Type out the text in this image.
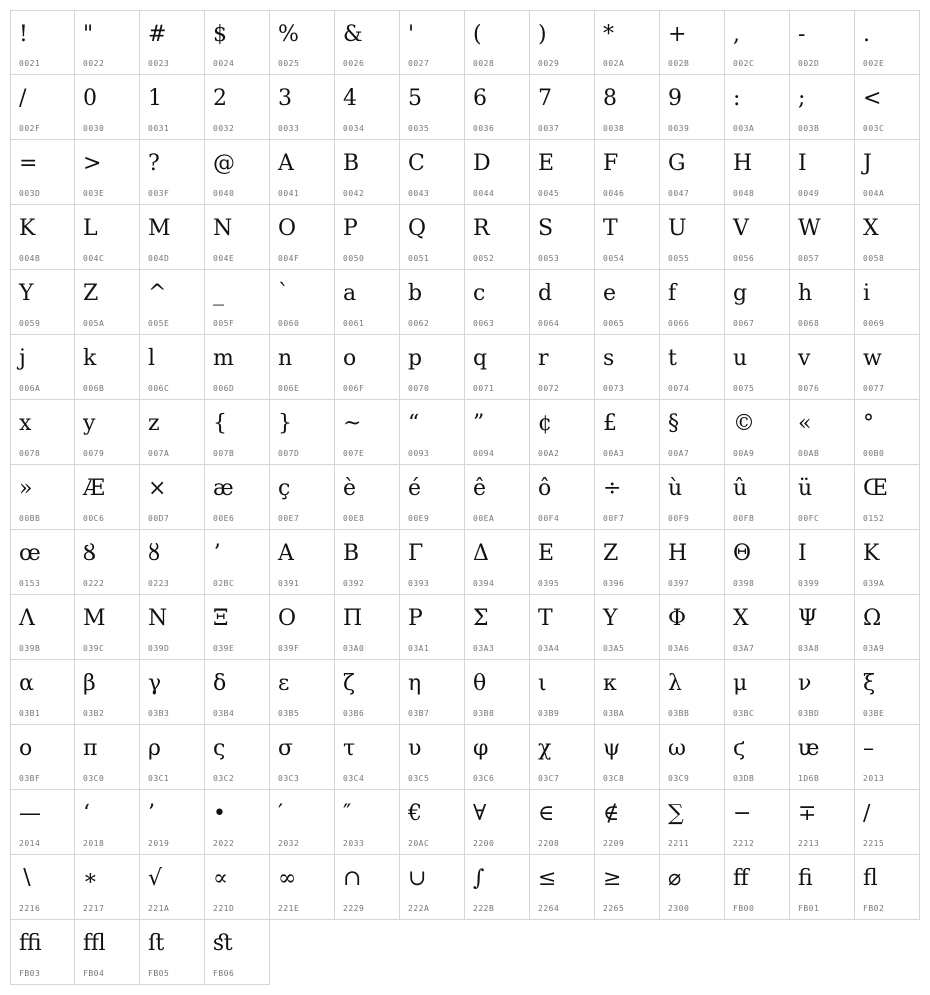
!
0021
"
0022
#
0023
$
0024
%
0025
&
0026
'
0027
(
0028
)
0029
*
002A
+
002B
,
002C
-
002D
.
002E
/
002F
0
0030
1
0031
2
0032
3
0033
4
0034
5
0035
6
0036
7
0037
8
0038
9
0039
:
003A
;
003B
<
003C
=
003D
>
003E
?
003F
@
0040
A
0041
B
0042
C
0043
D
0044
E
0045
F
0046
G
0047
H
0048
I
0049
J
004A
K
004B
L
004C
M
004D
N
004E
O
004F
P
0050
Q
0051
R
0052
S
0053
T
0054
U
0055
V
0056
W
0057
X
0058
Y
0059
Z
005A
^
005E
_
005F
`
0060
a
0061
b
0062
c
0063
d
0064
e
0065
f
0066
g
0067
h
0068
i
0069
j
006A
k
006B
l
006C
m
006D
n
006E
o
006F
p
0070
q
0071
r
0072
s
0073
t
0074
u
0075
v
0076
w
0077
x
0078
y
0079
z
007A
{
007B
}
007D
~
007E
“
0093
”
0094
¢
00A2
£
00A3
§
00A7
©
00A9
«
00AB
°
00B0
»
00BB
Æ
00C6
×
00D7
æ
00E6
ç
00E7
è
00E8
é
00E9
ê
00EA
ô
00F4
÷
00F7
ù
00F9
û
00FB
ü
00FC
Œ
0152
œ
0153
Ȣ
0222
ȣ
0223
ʼ
02BC
Α
0391
Β
0392
Γ
0393
Δ
0394
Ε
0395
Ζ
0396
Η
0397
Θ
0398
Ι
0399
Κ
039A
Λ
039B
Μ
039C
Ν
039D
Ξ
039E
Ο
039F
Π
03A0
Ρ
03A1
Σ
03A3
Τ
03A4
Υ
03A5
Φ
03A6
Χ
03A7
Ψ
03A8
Ω
03A9
α
03B1
β
03B2
γ
03B3
δ
03B4
ε
03B5
ζ
03B6
η
03B7
θ
03B8
ι
03B9
κ
03BA
λ
03BB
μ
03BC
ν
03BD
ξ
03BE
ο
03BF
π
03C0
ρ
03C1
ς
03C2
σ
03C3
τ
03C4
υ
03C5
φ
03C6
χ
03C7
ψ
03C8
ω
03C9
ϛ
03DB
ᵫ
1D6B
–
2013
—
2014
‘
2018
’
2019
•
2022
′
2032
″
2033
€
20AC
∀
2200
∈
2208
∉
2209
∑
2211
−
2212
∓
2213
∕
2215
∖
2216
∗
2217
√
221A
∝
221D
∞
221E
∩
2229
∪
222A
∫
222B
≤
2264
≥
2265
⌀
2300
ﬀ
FB00
ﬁ
FB01
ﬂ
FB02
ﬃ
FB03
ﬄ
FB04
ﬅ
FB05
ﬆ
FB06
